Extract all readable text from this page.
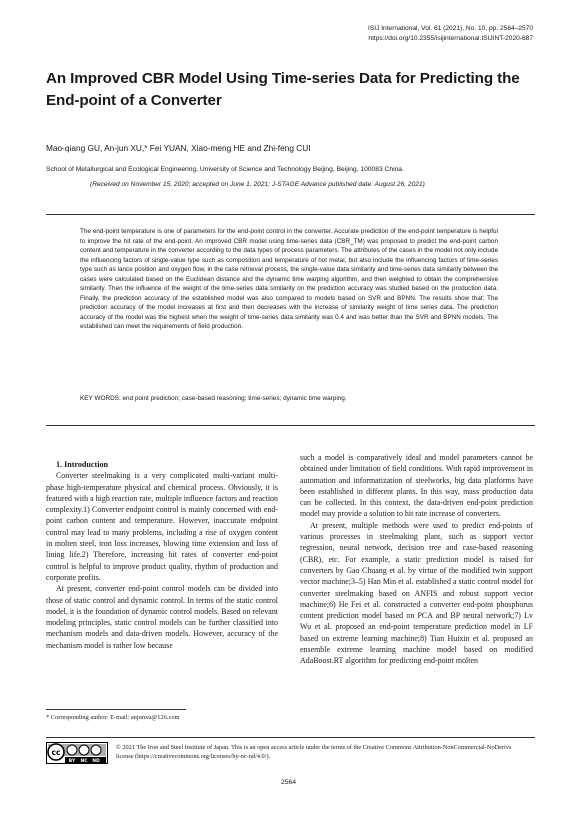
ISIJ International, Vol. 61 (2021), No. 10, pp. 2564–2570
https://doi.org/10.2355/isijinternational.ISIJINT-2020-687
An Improved CBR Model Using Time-series Data for Predicting the End-point of a Converter
Mao-qiang GU, An-jun XU,* Fei YUAN, Xiao-meng HE and Zhi-feng CUI
School of Metallurgical and Ecological Engineering, University of Science and Technology Beijing, Beijing, 100083 China.
(Received on November 15, 2020; accepted on June 1, 2021; J-STAGE Advance published date: August 26, 2021)

The end-point temperature is one of parameters for the end-point control in the converter. Accurate prediction of the end-point temperature is helpful to improve the hit rate of the end-point. An improved CBR model using time-series data (CBR_TM) was proposed to predict the end-point carbon content and temperature in the converter according to the data types of process parameters. The attributes of the cases in the model not only include the influencing factors of single-value type such as composition and temperature of hot metal, but also include the influencing factors of time-series type such as lance position and oxygen flow, in the case retrieval process, the single-value data similarity and time-series data similarity between the cases were calculated based on the Euclidean distance and the dynamic time warping algorithm, and then weighted to obtain the comprehensive similarity. Then the influence of the weight of the time-series data similarity on the prediction accuracy was studied based on the production data. Finally, the prediction accuracy of the established model was also compared to models based on SVR and BPNN. The results show that: The prediction accuracy of the model increases at first and then decreases with the increase of similarity weight of time series data. The prediction accuracy of the model was the highest when the weight of time-series data similarity was 0.4 and was better than the SVR and BPNN models. The established can meet the requirements of field production.

KEY WORDS: end point prediction; case-based reasoning; time-series; dynamic time warping.

1. Introduction

Converter steelmaking is a very complicated multi-variant multi-phase high-temperature physical and chemical process. Obviously, it is featured with a high reaction rate, multiple influence factors and reaction complexity.1) Converter endpoint control is mainly concerned with end-point carbon content and temperature. However, inaccurate endpoint control may lead to many problems, including a rise of oxygen content in molten steel, iron loss increases, blowing time extension and loss of lining life.2) Therefore, increasing hit rates of converter end-point control is helpful to improve product quality, rhythm of production and corporate profits.

At present, converter end-point control models can be divided into those of static control and dynamic control. In terms of the static control model, it is the foundation of dynamic control models. Based on relevant modeling principles, static control models can be further classified into mechanism models and data-driven models. However, accuracy of the mechanism model is rather low because

such a model is comparatively ideal and model parameters cannot be obtained under limitation of field conditions. With rapid improvement in automation and informatization of steelworks, big data platforms have been established in different plants. In this way, mass production data can be collected. In this context, the data-driven end-point prediction model may provide a solution to hit rate increase of converters.

At present, multiple methods were used to predict end-points of various processes in steelmaking plant, such as support vector regression, neural network, decision tree and case-based reasoning (CBR), etc. For example, a static prediction model is raised for converters by Gao Chuang et al. by virtue of the modified twin support vector machine;3–5) Han Min et al. established a static control model for converter steelmaking based on ANFIS and robust support vector machine;6) He Fei et al. constructed a converter end-point phosphorus content prediction model based on PCA and BP neural network;7) Lv Wu et al. proposed an end-point temperature prediction model in LF based on extreme learning machine;8) Tian Huixin et al. proposed an ensemble extreme learning machine model based on modified AdaBoost.RT algorithm for predicting end-point molten

* Corresponding author: E-mail: anjunxu@126.com
cc
BY NC ND
© 2021 The Iron and Steel Institute of Japan. This is an open access article under the terms of the Creative Commons Attribution-NonCommercial-NoDerivs license (https://creativecommons.org/licenses/by-nc-nd/4.0/).
2564
